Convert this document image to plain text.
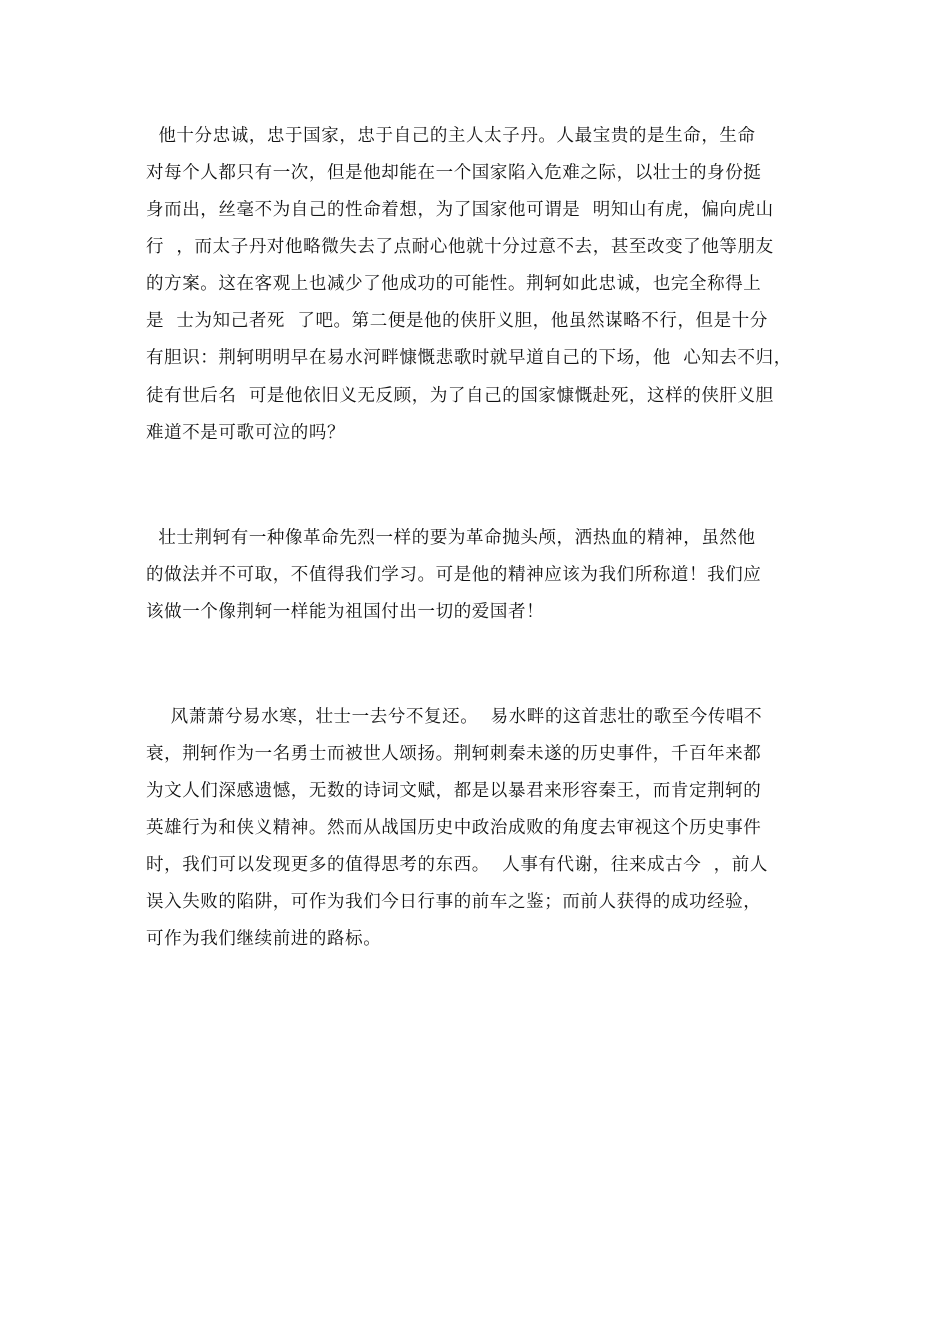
他十分忠诚，忠于国家，忠于自己的主人太子丹。人最宝贵的是生命，生命
对每个人都只有一次，但是他却能在一个国家陷入危难之际，以壮士的身份挺
身而出，丝毫不为自己的性命着想，为了国家他可谓是  明知山有虎，偏向虎山
行  ，而太子丹对他略微失去了点耐心他就十分过意不去，甚至改变了他等朋友
的方案。这在客观上也减少了他成功的可能性。荆轲如此忠诚，也完全称得上
是  士为知己者死  了吧。第二便是他的侠肝义胆，他虽然谋略不行，但是十分
有胆识：荆轲明明早在易水河畔慷慨悲歌时就早道自己的下场，他  心知去不归，
徒有世后名  可是他依旧义无反顾，为了自己的国家慷慨赴死，这样的侠肝义胆
难道不是可歌可泣的吗？
壮士荆轲有一种像革命先烈一样的要为革命抛头颅，洒热血的精神，虽然他
的做法并不可取，不值得我们学习。可是他的精神应该为我们所称道！我们应
该做一个像荆轲一样能为祖国付出一切的爱国者！
风萧萧兮易水寒，壮士一去兮不复还。  易水畔的这首悲壮的歌至今传唱不
衰，荆轲作为一名勇士而被世人颂扬。荆轲刺秦未遂的历史事件，千百年来都
为文人们深感遗憾，无数的诗词文赋，都是以暴君来形容秦王，而肯定荆轲的
英雄行为和侠义精神。然而从战国历史中政治成败的角度去审视这个历史事件
时，我们可以发现更多的值得思考的东西。  人事有代谢，往来成古今  ，前人
误入失败的陷阱，可作为我们今日行事的前车之鉴；而前人获得的成功经验，
可作为我们继续前进的路标。
